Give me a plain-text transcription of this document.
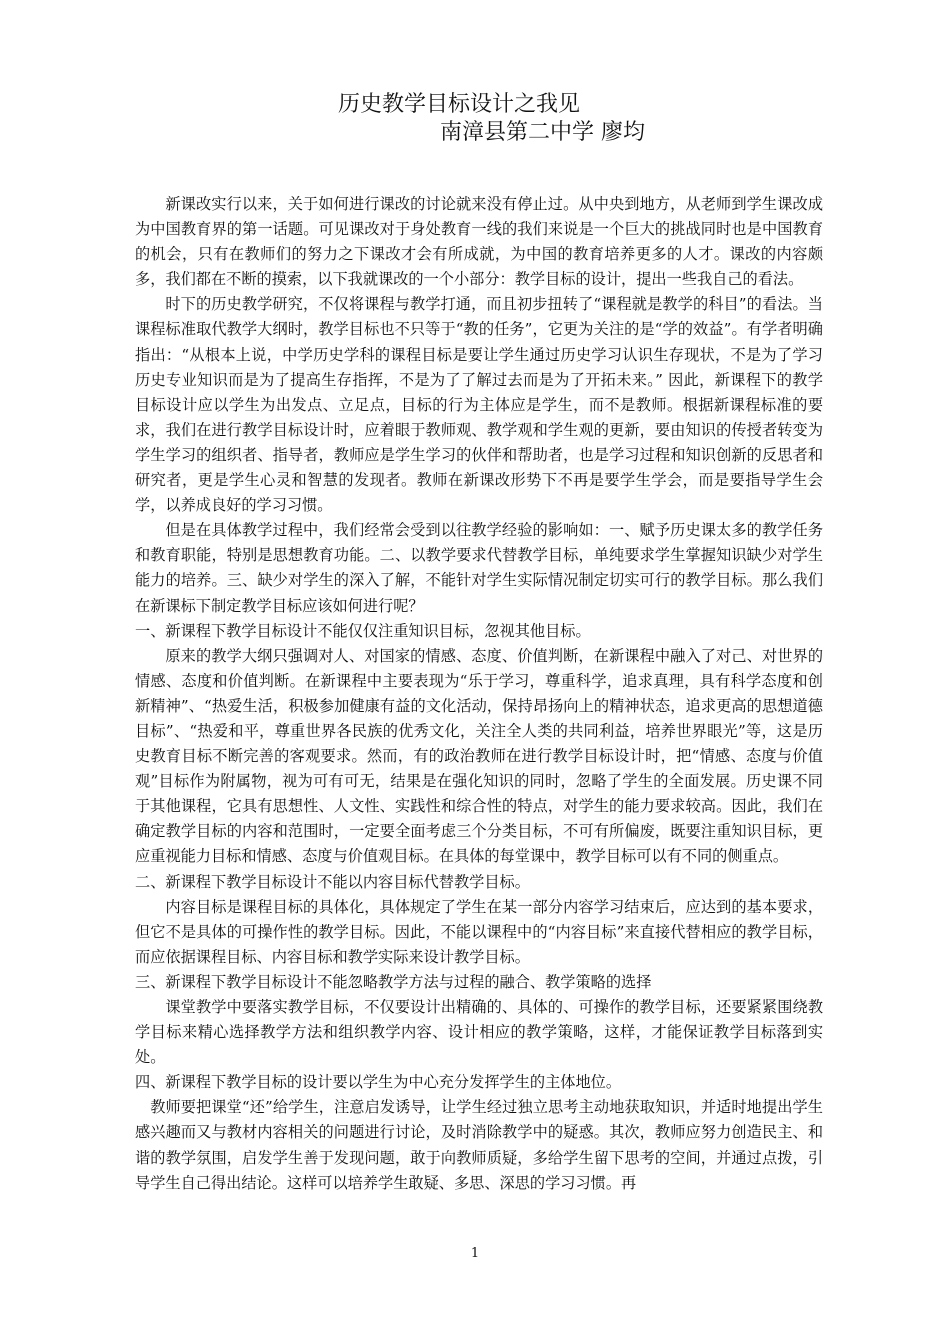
历史教学目标设计之我见
南漳县第二中学 廖均

新课改实行以来，关于如何进行课改的讨论就来没有停止过。从中央到地方，从老师到学生课改成为中国教育界的第一话题。可见课改对于身处教育一线的我们来说是一个巨大的挑战同时也是中国教育的机会，只有在教师们的努力之下课改才会有所成就，为中国的教育培养更多的人才。课改的内容颇多，我们都在不断的摸索，以下我就课改的一个小部分：教学目标的设计，提出一些我自己的看法。

时下的历史教学研究，不仅将课程与教学打通，而且初步扭转了“课程就是教学的科目”的看法。当课程标准取代教学大纲时，教学目标也不只等于“教的任务”，它更为关注的是“学的效益”。有学者明确指出：“从根本上说，中学历史学科的课程目标是要让学生通过历史学习认识生存现状，不是为了学习历史专业知识而是为了提高生存指挥，不是为了了解过去而是为了开拓未来。” 因此，新课程下的教学目标设计应以学生为出发点、立足点，目标的行为主体应是学生，而不是教师。根据新课程标准的要求，我们在进行教学目标设计时，应着眼于教师观、教学观和学生观的更新，要由知识的传授者转变为学生学习的组织者、指导者，教师应是学生学习的伙伴和帮助者，也是学习过程和知识创新的反思者和研究者，更是学生心灵和智慧的发现者。教师在新课改形势下不再是要学生学会，而是要指导学生会学，以养成良好的学习习惯。

但是在具体教学过程中，我们经常会受到以往教学经验的影响如：一、赋予历史课太多的教学任务和教育职能，特别是思想教育功能。二、以教学要求代替教学目标，单纯要求学生掌握知识缺少对学生能力的培养。三、缺少对学生的深入了解，不能针对学生实际情况制定切实可行的教学目标。那么我们在新课标下制定教学目标应该如何进行呢？

一、新课程下教学目标设计不能仅仅注重知识目标，忽视其他目标。

原来的教学大纲只强调对人、对国家的情感、态度、价值判断，在新课程中融入了对己、对世界的情感、态度和价值判断。在新课程中主要表现为“乐于学习，尊重科学，追求真理，具有科学态度和创新精神”、“热爱生活，积极参加健康有益的文化活动，保持昂扬向上的精神状态，追求更高的思想道德目标”、“热爱和平，尊重世界各民族的优秀文化，关注全人类的共同利益，培养世界眼光”等，这是历史教育目标不断完善的客观要求。然而，有的政治教师在进行教学目标设计时，把“情感、态度与价值观”目标作为附属物，视为可有可无，结果是在强化知识的同时，忽略了学生的全面发展。历史课不同于其他课程，它具有思想性、人文性、实践性和综合性的特点，对学生的能力要求较高。因此，我们在确定教学目标的内容和范围时，一定要全面考虑三个分类目标，不可有所偏废，既要注重知识目标，更应重视能力目标和情感、态度与价值观目标。在具体的每堂课中，教学目标可以有不同的侧重点。

二、新课程下教学目标设计不能以内容目标代替教学目标。

内容目标是课程目标的具体化，具体规定了学生在某一部分内容学习结束后，应达到的基本要求，但它不是具体的可操作性的教学目标。因此，不能以课程中的“内容目标”来直接代替相应的教学目标，而应依据课程目标、内容目标和教学实际来设计教学目标。

三、新课程下教学目标设计不能忽略教学方法与过程的融合、教学策略的选择

课堂教学中要落实教学目标，不仅要设计出精确的、具体的、可操作的教学目标，还要紧紧围绕教学目标来精心选择教学方法和组织教学内容、设计相应的教学策略，这样，才能保证教学目标落到实处。

四、新课程下教学目标的设计要以学生为中心充分发挥学生的主体地位。

教师要把课堂“还”给学生，注意启发诱导，让学生经过独立思考主动地获取知识，并适时地提出学生感兴趣而又与教材内容相关的问题进行讨论，及时消除教学中的疑惑。其次，教师应努力创造民主、和谐的教学氛围，启发学生善于发现问题，敢于向教师质疑，多给学生留下思考的空间，并通过点拨，引导学生自己得出结论。这样可以培养学生敢疑、多思、深思的学习习惯。再

1
